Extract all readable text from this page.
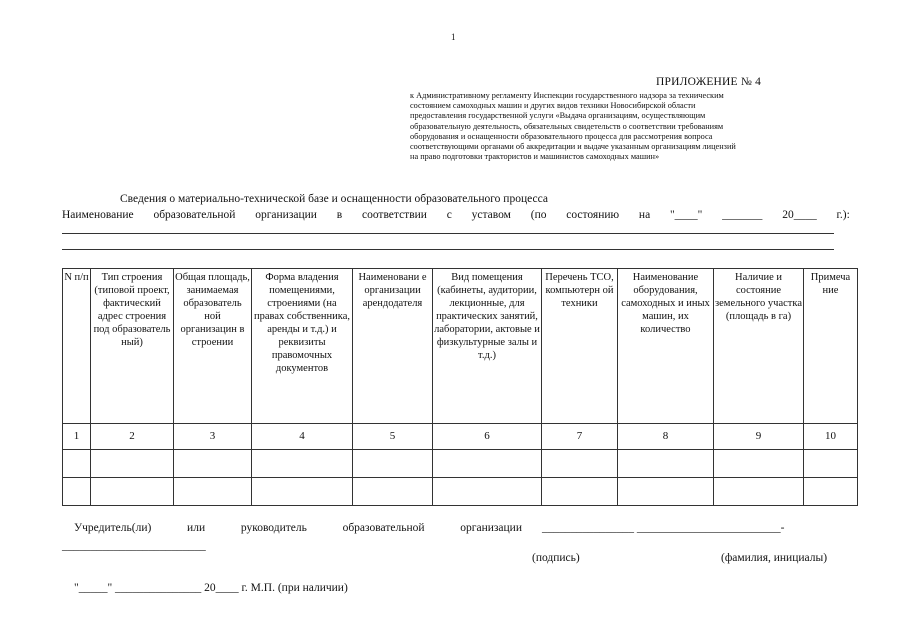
1
ПРИЛОЖЕНИЕ № 4
к Административному регламенту Инспекции государственного надзора за техническим
состоянием самоходных машин и других видов техники Новосибирской области
предоставления государственной услуги «Выдача организациям, осуществляющим
образовательную деятельность, обязательных свидетельств о соответствии требованиям
оборудования и оснащенности образовательного процесса для рассмотрения вопроса
соответствующими органами об аккредитации и выдаче указанным организациям лицензий
на право подготовки трактористов и машинистов самоходных машин»
Сведения о материально-технической базе и оснащенности образовательного процесса
Наименование образовательной организации в соответствии с уставом (по состоянию на "____" _______ 20____ г.):
N п/п	Тип строения (типовой проект, фактический адрес строения под образователь ный)	Общая площадь, занимаемая образователь ной организацин в строении	Форма владения помещениями, строениями (на правах собственника, аренды и т.д.) и реквизиты правомочных документов	Наименовани е организации арендодателя	Вид помещения (кабинеты, аудитории, лекционные, для практических занятий, лаборатории, актовые и физкультурные залы и т.д.)	Перечень ТСО, компьютерн ой техники	Наименование оборудования, самоходных и иных машин, их количество	Наличие и состояние земельного участка (площадь в га)	Примеча ние
1	2	3	4	5	6	7	8	9	10

Учредитель(ли)	или	руководитель	образовательной	организации ________________ _________________________-
_________________________
(подпись)	(фамилия, инициалы)
"_____" _______________ 20____ г. М.П. (при наличии)
